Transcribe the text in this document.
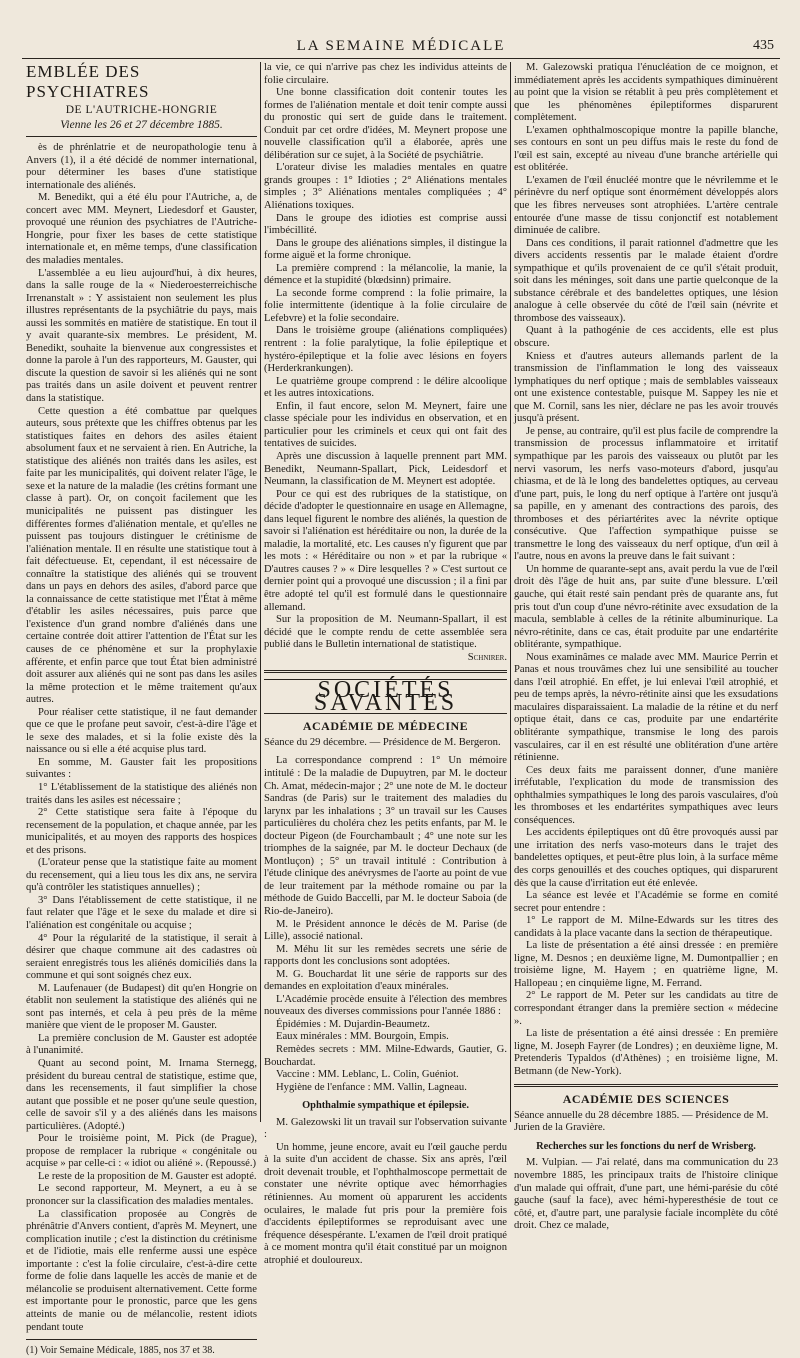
LA SEMAINE MÉDICALE	435
EMBLÉE DES PSYCHIATRES
DE L'AUTRICHE-HONGRIE
Vienne les 26 et 27 décembre 1885.

ès de phrénlatrie et de neuropathologie tenu à Anvers (1), il a été décidé de nommer international, pour déterminer les bases d'une statistique internationale des aliénés.

M. Benedikt, qui a été élu pour l'Autriche, a, de concert avec MM. Meynert, Liedesdorf et Gauster, provoqué une réunion des psychiatres de l'Autriche-Hongrie, pour fixer les bases de cette statistique internationale et, en même temps, d'une classification des maladies mentales.

L'assemblée a eu lieu aujourd'hui, à dix heures, dans la salle rouge de la « Niederoesterreichische Irrenanstalt » : Y assistaient non seulement les plus illustres représentants de la psychiâtrie du pays, mais aussi les sommités en matière de statistique. En tout il y avait quarante-six membres. Le président, M. Benedikt, souhaite la bienvenue aux congressistes et donne la parole à l'un des rapporteurs, M. Gauster, qui discute la question de savoir si les aliénés qui ne sont pas traités dans un asile doivent et peuvent rentrer dans la statistique.

Cette question a été combattue par quelques auteurs, sous prétexte que les chiffres obtenus par les statistiques faites en dehors des asiles étaient absolument faux et ne servaient à rien. En Autriche, la statistique des aliénés non traités dans les asiles, est faite par les municipalités, qui doivent relater l'âge, le sexe et la nature de la maladie (les crétins formant une classe à part). Or, on conçoit facilement que les municipalités ne puissent pas distinguer les différentes formes d'aliénation mentale, et qu'elles ne puissent pas toujours distinguer le crétinisme de l'aliénation mentale. Il en résulte une statistique tout à fait défectueuse. Et, cependant, il est nécessaire de connaître la statistique des aliénés qui se trouvent dans un pays en dehors des asiles, d'abord parce que la connaissance de cette statistique met l'État à même d'établir les asiles nécessaires, puis parce que l'existence d'un grand nombre d'aliénés dans une certaine contrée doit attirer l'attention de l'État sur les causes de ce phénomène et sur la prophylaxie afférente, et enfin parce que tout État bien administré doit assurer aux aliénés qui ne sont pas dans les asiles la même protection et le même traitement qu'aux autres.

Pour réaliser cette statistique, il ne faut demander que ce que le profane peut savoir, c'est-à-dire l'âge et le sexe des malades, et si la folie existe dès la naissance ou si elle a été acquise plus tard.

En somme, M. Gauster fait les propositions suivantes :

1° L'établissement de la statistique des aliénés non traités dans les asiles est nécessaire ;

2° Cette statistique sera faite à l'époque du recensement de la population, et chaque année, par les municipalités, et au moyen des rapports des hospices et des prisons.

(L'orateur pense que la statistique faite au moment du recensement, qui a lieu tous les dix ans, ne servira qu'à contrôler les statistiques annuelles) ;

3° Dans l'établissement de cette statistique, il ne faut relater que l'âge et le sexe du malade et dire si l'aliénation est congénitale ou acquise ;

4° Pour la régularité de la statistique, il serait à désirer que chaque commune ait des cadastres où seraient enregistrés tous les aliénés domiciliés dans la commune et qui sont soignés chez eux.

M. Laufenauer (de Budapest) dit qu'en Hongrie on établit non seulement la statistique des aliénés qui ne sont pas internés, et cela à peu près de la même manière que vient de le proposer M. Gauster.

La première conclusion de M. Gauster est adoptée à l'unanimité.

Quant au second point, M. Irnama Sternegg, président du bureau central de statistique, estime que, dans les recensements, il faut simplifier la chose autant que possible et ne poser qu'une seule question, celle de savoir s'il y a des aliénés dans les maisons particulières. (Adopté.)

Pour le troisième point, M. Pick (de Prague), propose de remplacer la rubrique « congénitale ou acquise » par celle-ci : « idiot ou aliéné ». (Repoussé.)

Le reste de la proposition de M. Gauster est adopté.

Le second rapporteur, M. Meynert, a eu à se prononcer sur la classification des maladies mentales.

La classification proposée au Congrès de phrénâtrie d'Anvers contient, d'après M. Meynert, une complication inutile ; c'est la distinction du crétinisme et de l'idiotie, mais elle renferme aussi une espèce importante : c'est la folie circulaire, c'est-à-dire cette forme de folie dans laquelle les accès de manie et de mélancolie se produisent alternativement. Cette forme est importante pour le pronostic, parce que les gens atteints de manie ou de mélancolie, restent idiots pendant toute

(1) Voir Semaine Médicale, 1885, nos 37 et 38.

la vie, ce qui n'arrive pas chez les individus atteints de folie circulaire.

Une bonne classification doit contenir toutes les formes de l'aliénation mentale et doit tenir compte aussi du pronostic qui sert de guide dans le traitement. Conduit par cet ordre d'idées, M. Meynert propose une nouvelle classification qu'il a élaborée, après une délibération sur ce sujet, à la Société de psychiâtrie.

L'orateur divise les maladies mentales en quatre grands groupes : 1° Idioties ; 2° Aliénations mentales simples ; 3° Aliénations mentales compliquées ; 4° Aliénations toxiques.

Dans le groupe des idioties est comprise aussi l'imbécillité.

Dans le groupe des aliénations simples, il distingue la forme aiguë et la forme chronique.

La première comprend : la mélancolie, la manie, la démence et la stupidité (blœdsinn) primaire.

La seconde forme comprend : la folie primaire, la folie intermittente (identique à la folie circulaire de Lefebvre) et la folie secondaire.

Dans le troisième groupe (aliénations compliquées) rentrent : la folie paralytique, la folie épileptique et hystéro-épileptique et la folie avec lésions en foyers (Herderkrankungen).

Le quatrième groupe comprend : le délire alcoolique et les autres intoxications.

Enfin, il faut encore, selon M. Meynert, faire une classe spéciale pour les individus en observation, et en particulier pour les criminels et ceux qui ont fait des tentatives de suicides.

Après une discussion à laquelle prennent part MM. Benedikt, Neumann-Spallart, Pick, Leidesdorf et Neumann, la classification de M. Meynert est adoptée.

Pour ce qui est des rubriques de la statistique, on décide d'adopter le questionnaire en usage en Allemagne, dans lequel figurent le nombre des aliénés, la question de savoir si l'aliénation est héréditaire ou non, la durée de la maladie, la mortalité, etc. Les causes n'y figurent que par les mots : « Héréditaire ou non » et par la rubrique « D'autres causes ? » « Dire lesquelles ? » C'est surtout ce dernier point qui a provoqué une discussion ; il a fini par être adopté tel qu'il est formulé dans le questionnaire allemand.

Sur la proposition de M. Neumann-Spallart, il est décidé que le compte rendu de cette assemblée sera publié dans le Bulletin international de statistique.

Schnirer.
SOCIÉTÉS SAVANTES
ACADÉMIE DE MÉDECINE

Séance du 29 décembre. — Présidence de M. Bergeron.

La correspondance comprend : 1° Un mémoire intitulé : De la maladie de Dupuytren, par M. le docteur Ch. Amat, médecin-major ; 2° une note de M. le docteur Sandras (de Paris) sur le traitement des maladies du larynx par les inhalations ; 3° un travail sur les Causes particulières du choléra chez les petits enfants, par M. le docteur Pigeon (de Fourchambault ; 4° une note sur les triomphes de la saignée, par M. le docteur Dechaux (de Montluçon) ; 5° un travail intitulé : Contribution à l'étude clinique des anévrysmes de l'aorte au point de vue de leur traitement par la méthode romaine ou par la méthode de Guido Baccelli, par M. le docteur Saboia (de Rio-de-Janeiro).

M. le Président annonce le décès de M. Parise (de Lille), associé national.

M. Méhu lit sur les remèdes secrets une série de rapports dont les conclusions sont adoptées.

M. G. Bouchardat lit une série de rapports sur des demandes en exploitation d'eaux minérales.

L'Académie procède ensuite à l'élection des membres nouveaux des diverses commissions pour l'année 1886 :

Épidémies : M. Dujardin-Beaumetz.

Eaux minérales : MM. Bourgoin, Empis.

Remèdes secrets : MM. Milne-Edwards, Gautier, G. Bouchardat.

Vaccine : MM. Leblanc, L. Colin, Guéniot.

Hygiène de l'enfance : MM. Vallin, Lagneau.

Ophthalmie sympathique et épilepsie.

M. Galezowski lit un travail sur l'observation suivante :

Un homme, jeune encore, avait eu l'œil gauche perdu à la suite d'un accident de chasse. Six ans après, l'œil droit devenait trouble, et l'ophthalmoscope permettait de constater une névrite optique avec hémorrhagies rétiniennes. Au moment où apparurent les accidents oculaires, le malade fut pris pour la première fois d'accidents épileptiformes se reproduisant avec une fréquence désespérante. L'examen de l'œil droit pratiqué à ce moment montra qu'il était constitué par un moignon atrophié et douloureux.

M. Galezowski pratiqua l'énucléation de ce moignon, et immédiatement après les accidents sympathiques diminuèrent au point que la vision se rétablit à peu près complètement et que les phénomènes épileptiformes disparurent complètement.

L'examen ophthalmoscopique montre la papille blanche, ses contours en sont un peu diffus mais le reste du fond de l'œil est sain, excepté au niveau d'une branche artérielle qui est oblitérée.

L'examen de l'œil énucléé montre que le névrilemme et le périnèvre du nerf optique sont énormément développés alors que les fibres nerveuses sont atrophiées. L'artère centrale entourée d'une masse de tissu conjonctif est notablement diminuée de calibre.

Dans ces conditions, il parait rationnel d'admettre que les divers accidents ressentis par le malade étaient d'ordre sympathique et qu'ils provenaient de ce qu'il s'était produit, soit dans les méninges, soit dans une partie quelconque de la substance cérébrale et des bandelettes optiques, une lésion analogue à celle observée du côté de l'œil sain (névrite et thrombose des vaisseaux).

Quant à la pathogénie de ces accidents, elle est plus obscure.

Kniess et d'autres auteurs allemands parlent de la transmission de l'inflammation le long des vaisseaux lymphatiques du nerf optique ; mais de semblables vaisseaux ont une existence contestable, puisque M. Sappey les nie et que M. Cornil, sans les nier, déclare ne pas les avoir trouvés jusqu'à présent.

Je pense, au contraire, qu'il est plus facile de comprendre la transmission de processus inflammatoire et irritatif sympathique par les parois des vaisseaux ou plutôt par les nervi vasorum, les nerfs vaso-moteurs d'abord, jusqu'au chiasma, et de là le long des bandelettes optiques, au cerveau d'une part, puis, le long du nerf optique à l'artère ont jusqu'à sa papille, en y amenant des contractions des parois, des thromboses et des périartérites avec la névrite optique consécutive. Que l'affection sympathique puisse se transmettre le long des vaisseaux du nerf optique, d'un œil à l'autre, nous en avons la preuve dans le fait suivant :

Un homme de quarante-sept ans, avait perdu la vue de l'œil droit dès l'âge de huit ans, par suite d'une blessure. L'œil gauche, qui était resté sain pendant près de quarante ans, fut pris tout d'un coup d'une névro-rétinite avec exsudation de la macula, semblable à celles de la rétinite albuminurique. La névro-rétinite, dans ce cas, était produite par une endartérite oblitérante, sympathique.

Nous examinâmes ce malade avec MM. Maurice Perrin et Panas et nous trouvâmes chez lui une sensibilité au toucher dans l'œil atrophié. En effet, je lui enlevai l'œil atrophié, et peu de temps après, la névro-rétinite ainsi que les exsudations maculaires disparaissaient. La maladie de la rétine et du nerf optique était, dans ce cas, produite par une endartérite oblitérante sympathique, transmise le long des parois vasculaires, car il en est résulté une oblitération d'une artère rétinienne.

Ces deux faits me paraissent donner, d'une manière irréfutable, l'explication du mode de transmission des ophthalmies sympathiques le long des parois vasculaires, d'où les thromboses et les endartérites sympathiques avec leurs conséquences.

Les accidents épileptiques ont dû être provoqués aussi par une irritation des nerfs vaso-moteurs dans le trajet des bandelettes optiques, et peut-être plus loin, à la surface même des corps genouillés et des couches optiques, qui disparurent dès que la cause d'irritation eut été enlevée.

La séance est levée et l'Académie se forme en comité secret pour entendre :

1° Le rapport de M. Milne-Edwards sur les titres des candidats à la place vacante dans la section de thérapeutique.

La liste de présentation a été ainsi dressée : en première ligne, M. Desnos ; en deuxième ligne, M. Dumontpallier ; en troisième ligne, M. Hayem ; en quatrième ligne, M. Hallopeau ; en cinquième ligne, M. Ferrand.

2° Le rapport de M. Peter sur les candidats au titre de correspondant étranger dans la première section « médecine ».

La liste de présentation a été ainsi dressée : En première ligne, M. Joseph Fayrer (de Londres) ; en deuxième ligne, M. Pretenderis Typaldos (d'Athènes) ; en troisième ligne, M. Betmann (de New-York).

ACADÉMIE DES SCIENCES

Séance annuelle du 28 décembre 1885. — Présidence de M. Jurien de la Gravière.

Recherches sur les fonctions du nerf de Wrisberg.

M. Vulpian. — J'ai relaté, dans ma communication du 23 novembre 1885, les principaux traits de l'histoire clinique d'un malade qui offrait, d'une part, une hémi-parésie du côté gauche (sauf la face), avec hémi-hyperesthésie de tout ce côté, et, d'autre part, une paralysie faciale incomplète du côté droit. Chez ce malade,
